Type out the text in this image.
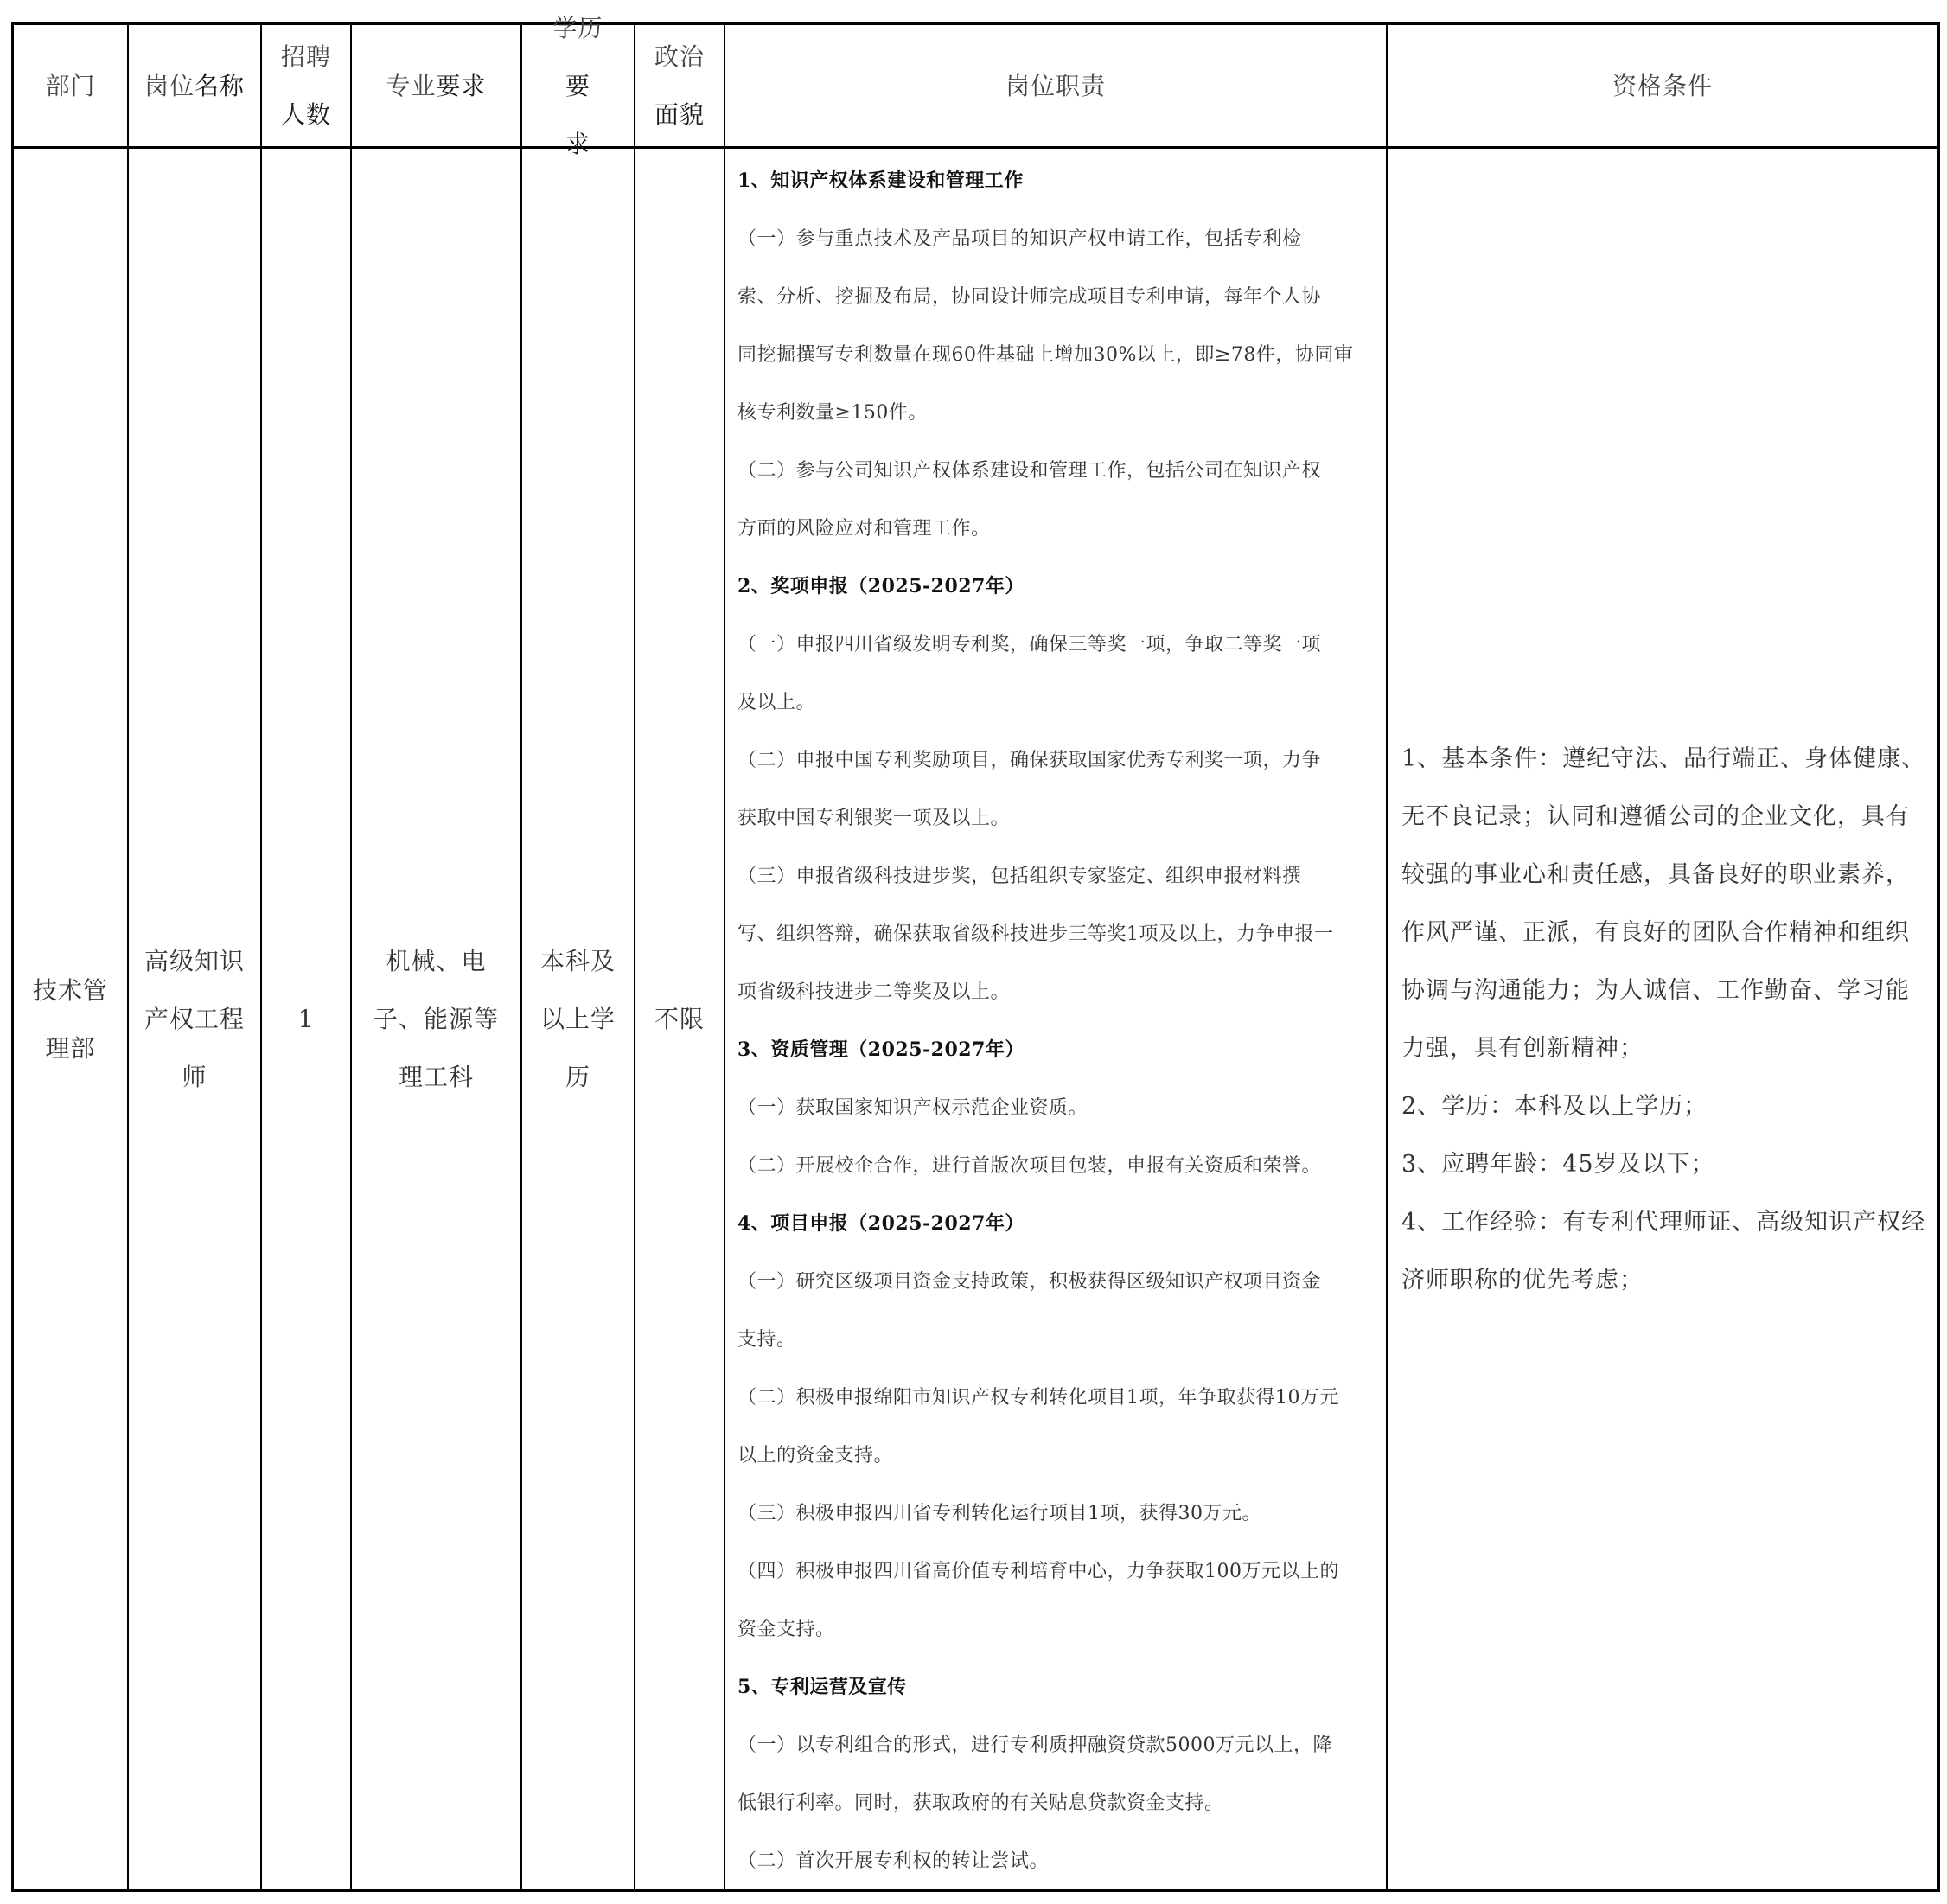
部门 岗位 名称
招聘
人数
专业 要求
学历
要
求
政治
面貌
岗位职责	资格条件
技术管
理部
高级知识
产权工程
师
1
机械、电
子、能源等
理工科
本科及
以上学
历
不限
1、知识产权体系建设和管理工作
（一）参与重点技术及产品项目的知识产权申请工作，包括专利检
索、分析、挖掘及布局，协同设计师完成项目专利申请，每年个人协
同挖掘撰写专利数量在现60件基础上增加30%以上，即≥78件，协同审
核专利数量≥150件。
（二）参与公司知识产权体系建设和管理工作，包括公司在知识产权
方面的风险应对和管理工作。
2、奖项申报（2025-2027年）
（一）申报四川省级发明专利奖，确保三等奖一项，争取二等奖一项
及以上。
（二）申报中国专利奖励项目，确保获取国家优秀专利奖一项，力争
获取中国专利银奖一项及以上。
（三）申报省级科技进步奖，包括组织专家鉴定、组织申报材料撰
写、组织答辩，确保获取省级科技进步三等奖1项及以上，力争申报一
项省级科技进步二等奖及以上。
3、资质管理（2025-2027年）
（一）获取国家知识产权示范企业资质。
（二）开展校企合作，进行首版次项目包装，申报有关资质和荣誉。
4、项目申报（2025-2027年）
（一）研究区级项目资金支持政策，积极获得区级知识产权项目资金
支持。
（二）积极申报绵阳市知识产权专利转化项目1项，年争取获得10万元
以上的资金支持。
（三）积极申报四川省专利转化运行项目1项，获得30万元。
（四）积极申报四川省高价值专利培育中心，力争获取100万元以上的
资金支持。
5、专利运营及宣传
（一）以专利组合的形式，进行专利质押融资贷款5000万元以上，降
低银行利率。同时，获取政府的有关贴息贷款资金支持。
（二）首次开展专利权的转让尝试。
1、基本条件：遵纪守法、品行端正、身体健康、
无不良记录；认同和遵循公司的企业文化，具有
较强的事业心和责任感，具备良好的职业素养，
作风严谨、正派，有良好的团队合作精神和组织
协调与沟通能力；为人诚信、工作勤奋、学习能
力强，具有创新精神；
2、学历：本科及以上学历；
3、应聘年龄：45岁及以下；
4、工作经验：有专利代理师证、高级知识产权经
济师职称的优先考虑；
